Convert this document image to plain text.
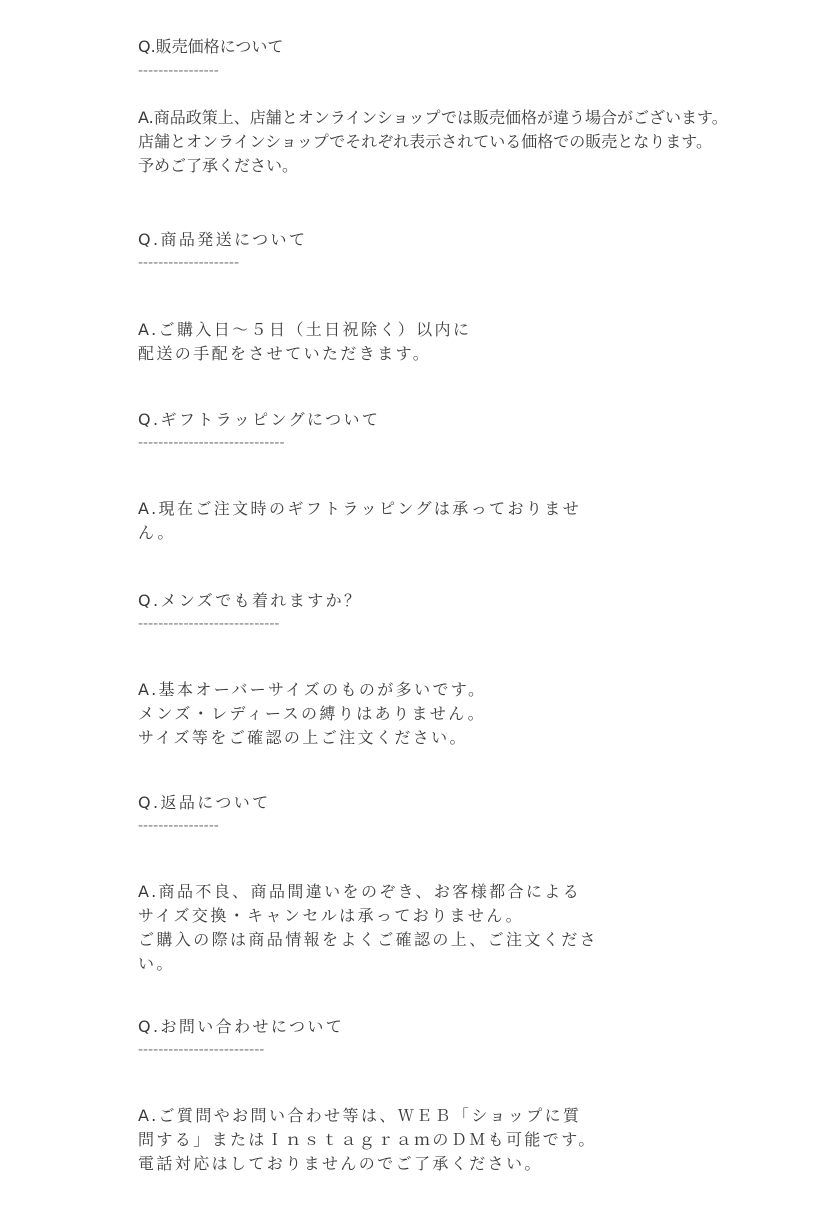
Q.販売価格について
----------------
A.商品政策上、店舗とオンラインショップでは販売価格が違う場合がございます。
店舗とオンラインショップでそれぞれ表示されている価格での販売となります。
予めご了承ください。
Q.商品発送について
--------------------
A.ご購入日〜５日（土日祝除く）以内に
配送の手配をさせていただきます。
Q.ギフトラッピングについて
-----------------------------
A.現在ご注文時のギフトラッピングは承っておりませ
ん。
Q.メンズでも着れますか？
----------------------------
A.基本オーバーサイズのものが多いです。
メンズ・レディースの縛りはありません。
サイズ等をご確認の上ご注文ください。
Q.返品について
----------------
A.商品不良、商品間違いをのぞき、お客様都合による
サイズ交換・キャンセルは承っておりません。
ご購入の際は商品情報をよくご確認の上、ご注文くださ
い。
Q.お問い合わせについて
-------------------------
A.ご質問やお問い合わせ等は、ＷＥＢ「ショップに質
問する」またはＩｎｓｔａｇｒａｍのＤＭも可能です。
電話対応はしておりませんのでご了承ください。
